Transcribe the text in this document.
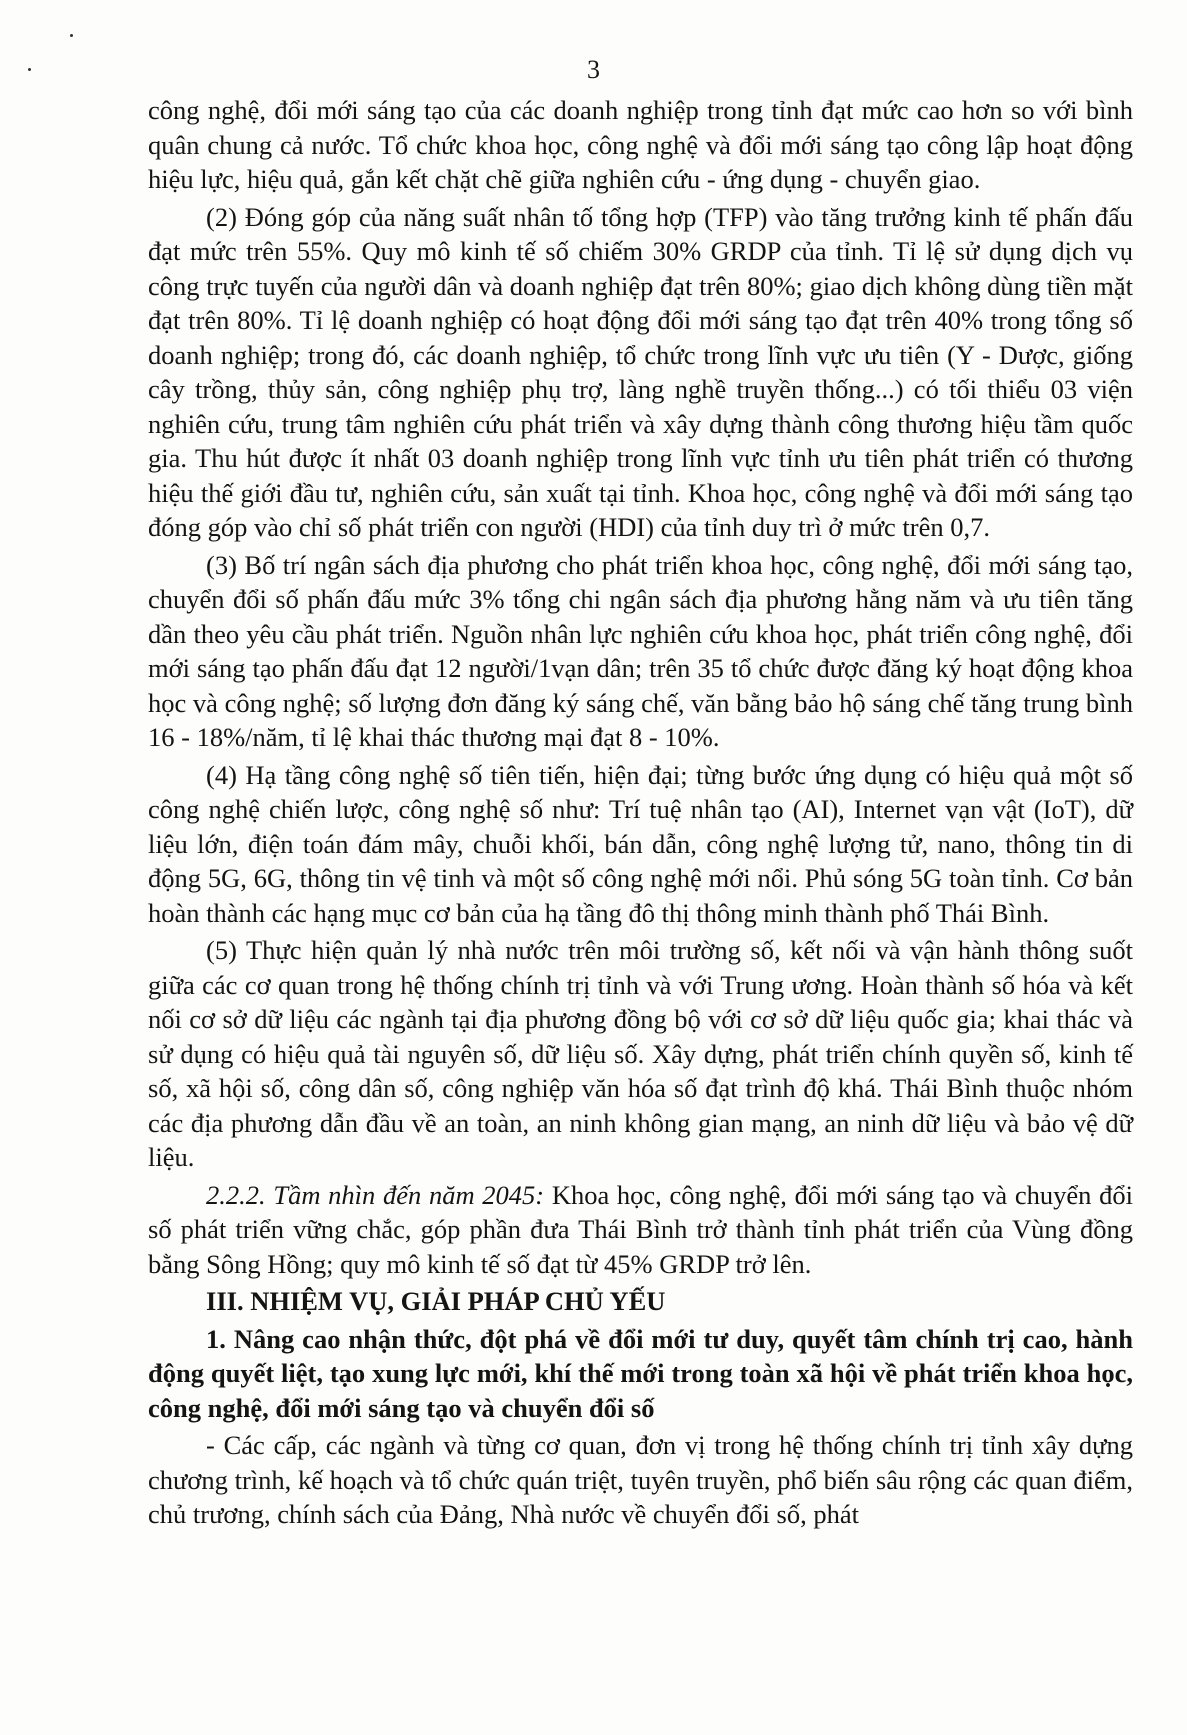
3

công nghệ, đổi mới sáng tạo của các doanh nghiệp trong tỉnh đạt mức cao hơn so với bình quân chung cả nước. Tổ chức khoa học, công nghệ và đổi mới sáng tạo công lập hoạt động hiệu lực, hiệu quả, gắn kết chặt chẽ giữa nghiên cứu - ứng dụng - chuyển giao.

(2) Đóng góp của năng suất nhân tố tổng hợp (TFP) vào tăng trưởng kinh tế phấn đấu đạt mức trên 55%. Quy mô kinh tế số chiếm 30% GRDP của tỉnh. Tỉ lệ sử dụng dịch vụ công trực tuyến của người dân và doanh nghiệp đạt trên 80%; giao dịch không dùng tiền mặt đạt trên 80%. Tỉ lệ doanh nghiệp có hoạt động đổi mới sáng tạo đạt trên 40% trong tổng số doanh nghiệp; trong đó, các doanh nghiệp, tổ chức trong lĩnh vực ưu tiên (Y - Dược, giống cây trồng, thủy sản, công nghiệp phụ trợ, làng nghề truyền thống...) có tối thiểu 03 viện nghiên cứu, trung tâm nghiên cứu phát triển và xây dựng thành công thương hiệu tầm quốc gia. Thu hút được ít nhất 03 doanh nghiệp trong lĩnh vực tỉnh ưu tiên phát triển có thương hiệu thế giới đầu tư, nghiên cứu, sản xuất tại tỉnh. Khoa học, công nghệ và đổi mới sáng tạo đóng góp vào chỉ số phát triển con người (HDI) của tỉnh duy trì ở mức trên 0,7.

(3) Bố trí ngân sách địa phương cho phát triển khoa học, công nghệ, đổi mới sáng tạo, chuyển đổi số phấn đấu mức 3% tổng chi ngân sách địa phương hằng năm và ưu tiên tăng dần theo yêu cầu phát triển. Nguồn nhân lực nghiên cứu khoa học, phát triển công nghệ, đổi mới sáng tạo phấn đấu đạt 12 người/1vạn dân; trên 35 tổ chức được đăng ký hoạt động khoa học và công nghệ; số lượng đơn đăng ký sáng chế, văn bằng bảo hộ sáng chế tăng trung bình 16 - 18%/năm, tỉ lệ khai thác thương mại đạt 8 - 10%.

(4) Hạ tầng công nghệ số tiên tiến, hiện đại; từng bước ứng dụng có hiệu quả một số công nghệ chiến lược, công nghệ số như: Trí tuệ nhân tạo (AI), Internet vạn vật (IoT), dữ liệu lớn, điện toán đám mây, chuỗi khối, bán dẫn, công nghệ lượng tử, nano, thông tin di động 5G, 6G, thông tin vệ tinh và một số công nghệ mới nổi. Phủ sóng 5G toàn tỉnh. Cơ bản hoàn thành các hạng mục cơ bản của hạ tầng đô thị thông minh thành phố Thái Bình.

(5) Thực hiện quản lý nhà nước trên môi trường số, kết nối và vận hành thông suốt giữa các cơ quan trong hệ thống chính trị tỉnh và với Trung ương. Hoàn thành số hóa và kết nối cơ sở dữ liệu các ngành tại địa phương đồng bộ với cơ sở dữ liệu quốc gia; khai thác và sử dụng có hiệu quả tài nguyên số, dữ liệu số. Xây dựng, phát triển chính quyền số, kinh tế số, xã hội số, công dân số, công nghiệp văn hóa số đạt trình độ khá. Thái Bình thuộc nhóm các địa phương dẫn đầu về an toàn, an ninh không gian mạng, an ninh dữ liệu và bảo vệ dữ liệu.

2.2.2. Tầm nhìn đến năm 2045: Khoa học, công nghệ, đổi mới sáng tạo và chuyển đổi số phát triển vững chắc, góp phần đưa Thái Bình trở thành tỉnh phát triển của Vùng đồng bằng Sông Hồng; quy mô kinh tế số đạt từ 45% GRDP trở lên.

III. NHIỆM VỤ, GIẢI PHÁP CHỦ YẾU

1. Nâng cao nhận thức, đột phá về đổi mới tư duy, quyết tâm chính trị cao, hành động quyết liệt, tạo xung lực mới, khí thế mới trong toàn xã hội về phát triển khoa học, công nghệ, đổi mới sáng tạo và chuyển đổi số

- Các cấp, các ngành và từng cơ quan, đơn vị trong hệ thống chính trị tỉnh xây dựng chương trình, kế hoạch và tổ chức quán triệt, tuyên truyền, phổ biến sâu rộng các quan điểm, chủ trương, chính sách của Đảng, Nhà nước về chuyển đổi số, phát
